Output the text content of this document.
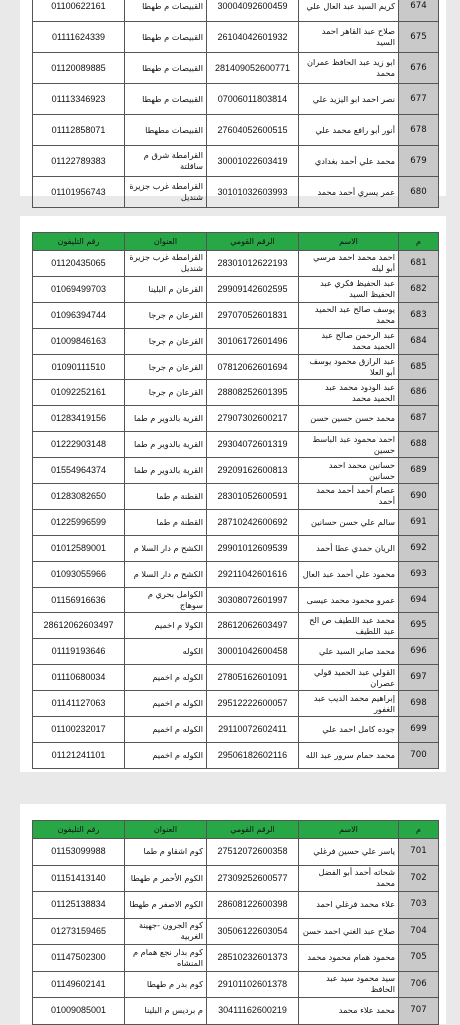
674	كريم السيد عبد العال علي	30004092600459	القبيصات م طهطا	01100622161
675	صلاح عبد القاهر احمد السيد	26104042601932	القبيصات م طهطا	01111624339
676	ابو زيد عبد الحافظ عمران محمد	281409052600771	القبيصات م طهطا	01120089885
677	نصر احمد ابو اليزيد علي	07006011803814	القبيصات م طهطا	01113346923
678	أنور أبو رافع محمد علي	27604052600515	القبيصات مطهطا	01112858071
679	محمد علي أحمد بغدادي	30001022603419	القرامطة شرق م ساقلتة	01122789383
680	عمر يسري أحمد محمد	30101032603993	القرامطة غرب جزيرة شنديل	01101956743
م	الاسم	الرقم القومي	العنوان	رقم التليفون
681	احمد محمد احمد مرسي أبو ليله	28301012622193	القرامطة غرب جزيرة شنديل	01120435065
682	عبد الحفيظ فكري عبد الحفيظ السيد	29909142602595	القرعان م البلينا	01069499703
683	يوسف صالح عبد الحميد محمد	29707052601831	القرعان م جرجا	01096394744
684	عبد الرحمن صالح عبد الحميد محمد	30106172601496	القرعان م جرجا	01009846163
685	عبد الرازق محمود يوسف أبو العلا	07812062601694	القرعان م جرجا	01090111510
686	عبد الودود محمد عبد الحميد محمد	28808252601395	القرعان م جرجا	01092252161
687	محمد حسن حسين حسن	27907302600217	القرية بالدوير م طما	01283419156
688	احمد محمود عبد الباسط حسين	29304072601319	القرية بالدوير م طما	01222903148
689	حسانين محمد احمد حسانين	29209162600813	القرية بالدوير م طما	01554964374
690	عصام أحمد أحمد محمد أحمد	28301052600591	القطنة م طما	01283082650
691	سالم علي حسن حسانين	28710242600692	القطنة م طما	01225996599
692	الريان حمدي عطا أحمد	29901012609539	الكشح م دار السلا م	01012589001
693	محمود علي أحمد عبد العال	29211042601616	الكشح م دار السلا م	01093055966
694	عمرو محمود محمد عيسى	30308072601997	الكوامل بحري م سوهاج	01156916636
695	محمد عبد اللطيف ص الح عبد اللطيف	28612062603497	الكولا م اخميم	28612062603497
696	محمد صابر السيد علي	30001042600458	الكوله	01119193646
697	القولي عبد الحميد قولي عصران	27805162601091	الكوله م اخميم	01110680034
698	إبراهيم محمد الديب عبد الغفور	29512222600057	الكوله م اخميم	01141127063
699	جوده كامل احمد علي	29110072602411	الكوله م اخميم	01100232017
700	محمد حمام سرور عبد الله	29506182602116	الكوله م اخميم	01121241101
م	الاسم	الرقم القومي	العنوان	رقم التليفون
701	ياسر علي حسين فرغلي	27512072600358	كوم اشقاو م طما	01153099988
702	شحاته أحمد أبو الفضل محمد	27309252600577	الكوم الأحمر م طهطا	01151413140
703	علاء محمد فرغلي احمد	28608122600398	الكوم الاصفر م طهطا	01125138834
704	صلاح عبد الغني احمد حسن	30506122603054	كوم الجرون -جهينة الغربية	01273159465
705	محمود همام محمود محمد	28510232601373	كوم بدار نجع همام م المنشاه	01147502300
706	سيد محمود سيد عبد الحافظ	29101102601378	كوم بدر م طهطا	01149602141
707	محمد علاء محمد	30411162600219	م بردیس م البلینا	01009085001
